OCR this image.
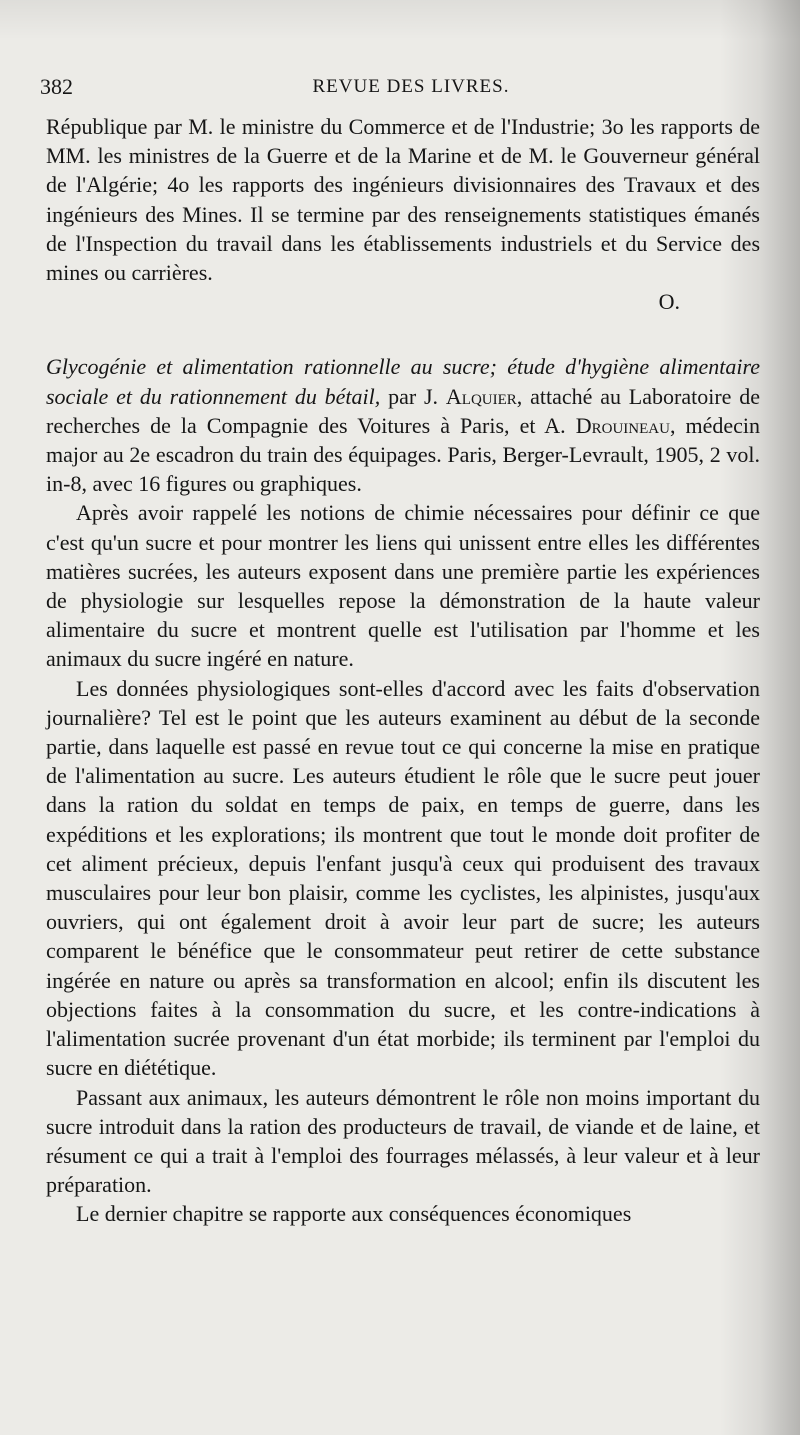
382	REVUE DES LIVRES.

République par M. le ministre du Commerce et de l'Industrie; 3o les rapports de MM. les ministres de la Guerre et de la Marine et de M. le Gouverneur général de l'Algérie; 4o les rapports des ingénieurs divisionnaires des Travaux et des ingénieurs des Mines. Il se termine par des renseignements statistiques émanés de l'Inspection du travail dans les établissements industriels et du Service des mines ou carrières.

O.

Glycogénie et alimentation rationnelle au sucre; étude d'hygiène alimentaire sociale et du rationnement du bétail, par J. Alquier, attaché au Laboratoire de recherches de la Compagnie des Voitures à Paris, et A. Drouineau, médecin major au 2e escadron du train des équipages. Paris, Berger-Levrault, 1905, 2 vol. in-8, avec 16 figures ou graphiques.

Après avoir rappelé les notions de chimie nécessaires pour définir ce que c'est qu'un sucre et pour montrer les liens qui unissent entre elles les différentes matières sucrées, les auteurs exposent dans une première partie les expériences de physiologie sur lesquelles repose la démonstration de la haute valeur alimentaire du sucre et montrent quelle est l'utilisation par l'homme et les animaux du sucre ingéré en nature.

Les données physiologiques sont-elles d'accord avec les faits d'observation journalière? Tel est le point que les auteurs examinent au début de la seconde partie, dans laquelle est passé en revue tout ce qui concerne la mise en pratique de l'alimentation au sucre. Les auteurs étudient le rôle que le sucre peut jouer dans la ration du soldat en temps de paix, en temps de guerre, dans les expéditions et les explorations; ils montrent que tout le monde doit profiter de cet aliment précieux, depuis l'enfant jusqu'à ceux qui produisent des travaux musculaires pour leur bon plaisir, comme les cyclistes, les alpinistes, jusqu'aux ouvriers, qui ont également droit à avoir leur part de sucre; les auteurs comparent le bénéfice que le consommateur peut retirer de cette substance ingérée en nature ou après sa transformation en alcool; enfin ils discutent les objections faites à la consommation du sucre, et les contre-indications à l'alimentation sucrée provenant d'un état morbide; ils terminent par l'emploi du sucre en diététique.

Passant aux animaux, les auteurs démontrent le rôle non moins important du sucre introduit dans la ration des producteurs de travail, de viande et de laine, et résument ce qui a trait à l'emploi des fourrages mélassés, à leur valeur et à leur préparation.

Le dernier chapitre se rapporte aux conséquences économiques
